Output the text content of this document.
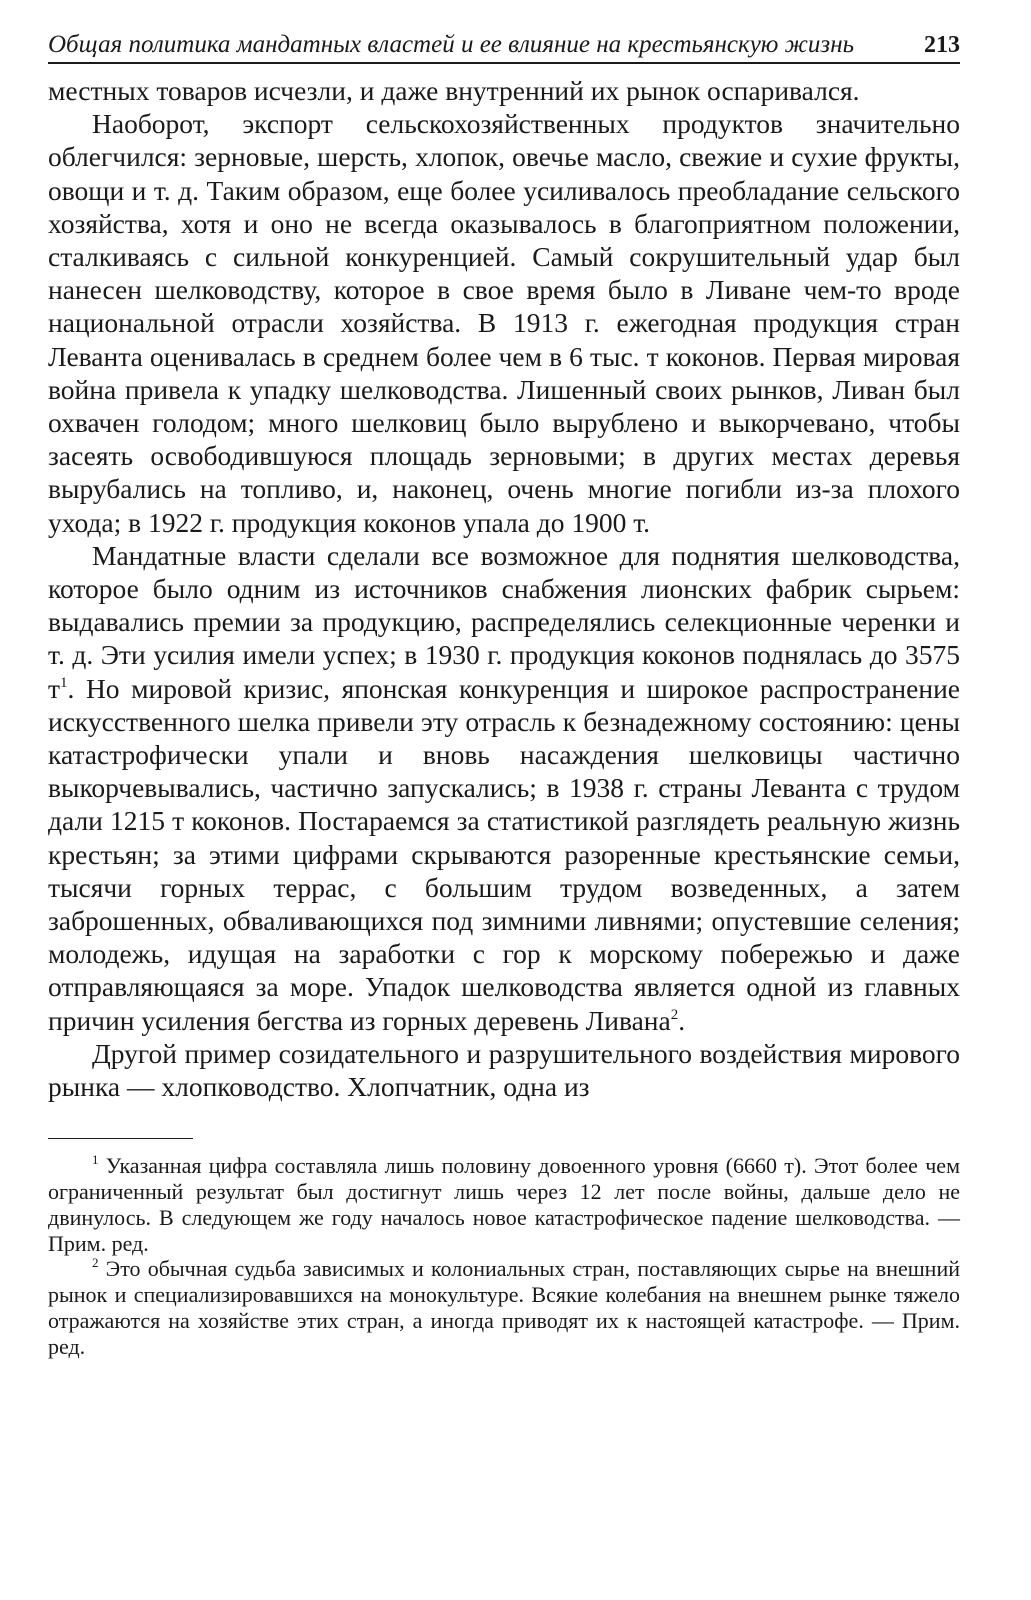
Общая политика мандатных властей и ее влияние на крестьянскую жизнь	213

местных товаров исчезли, и даже внутренний их рынок оспаривался.

Наоборот, экспорт сельскохозяйственных продуктов значительно облегчился: зерновые, шерсть, хлопок, овечье масло, свежие и сухие фрукты, овощи и т. д. Таким образом, еще более усиливалось преобладание сельского хозяйства, хотя и оно не всегда оказывалось в благоприятном положении, сталкиваясь с сильной конкуренцией. Самый сокрушительный удар был нанесен шелководству, которое в свое время было в Ливане чем-то вроде национальной отрасли хозяйства. В 1913 г. ежегодная продукция стран Леванта оценивалась в среднем более чем в 6 тыс. т коконов. Первая мировая война привела к упадку шелководства. Лишенный своих рынков, Ливан был охвачен голодом; много шелковиц было вырублено и выкорчевано, чтобы засеять освободившуюся площадь зерновыми; в других местах деревья вырубались на топливо, и, наконец, очень многие погибли из-за плохого ухода; в 1922 г. продукция коконов упала до 1900 т.

Мандатные власти сделали все возможное для поднятия шелководства, которое было одним из источников снабжения лионских фабрик сырьем: выдавались премии за продукцию, распределялись селекционные черенки и т. д. Эти усилия имели успех; в 1930 г. продукция коконов поднялась до 3575 $т^1$. Но мировой кризис, японская конкуренция и широкое распространение искусственного шелка привели эту отрасль к безнадежному состоянию: цены катастрофически упали и вновь насаждения шелковицы частично выкорчевывались, частично запускались; в 1938 г. страны Леванта с трудом дали 1215 т коконов. Постараемся за статистикой разглядеть реальную жизнь крестьян; за этими цифрами скрываются разоренные крестьянские семьи, тысячи горных террас, с большим трудом возведенных, а затем заброшенных, обваливающихся под зимними ливнями; опустевшие селения; молодежь, идущая на заработки с гор к морскому побережью и даже отправляющаяся за море. Упадок шелководства является одной из главных причин усиления бегства из горных деревень Ливана$^2$.

Другой пример созидательного и разрушительного воздействия мирового рынка — хлопководство. Хлопчатник, одна из

$^1$ Указанная цифра составляла лишь половину довоенного уровня (6660 т). Этот более чем ограниченный результат был достигнут лишь через 12 лет после войны, дальше дело не двинулось. В следующем же году началось новое катастрофическое падение шелководства. — Прим. ред.

$^2$ Это обычная судьба зависимых и колониальных стран, поставляющих сырье на внешний рынок и специализировавшихся на монокультуре. Всякие колебания на внешнем рынке тяжело отражаются на хозяйстве этих стран, а иногда приводят их к настоящей катастрофе. — Прим. ред.
